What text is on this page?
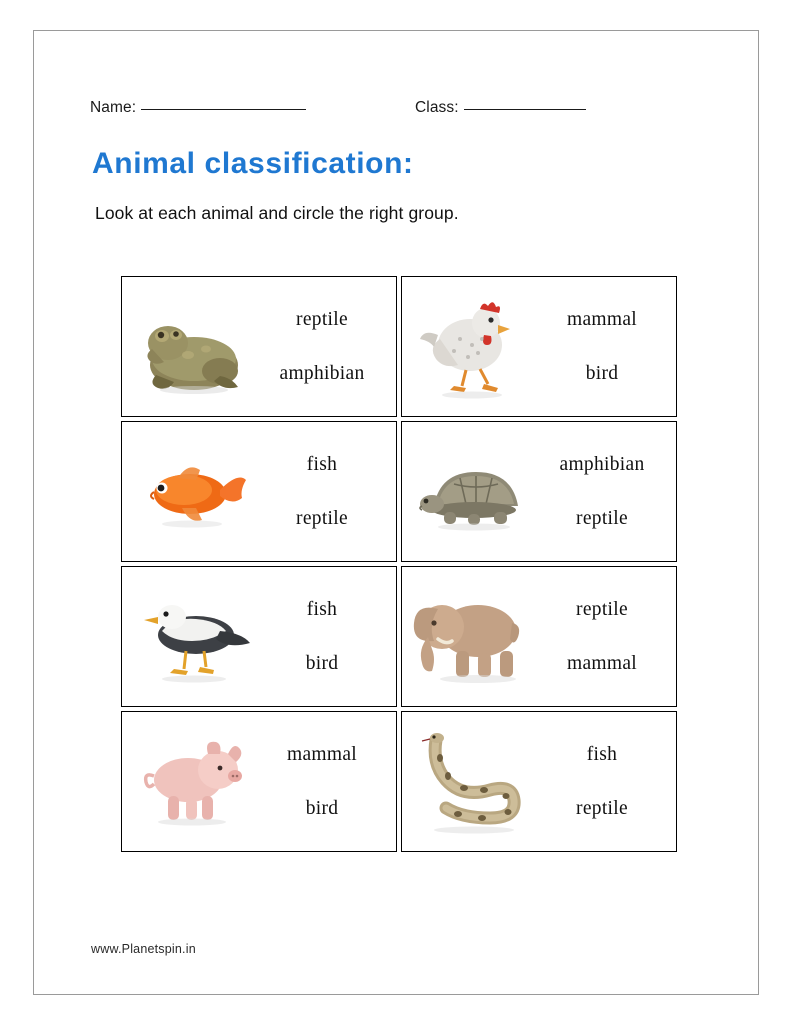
Name:	Class:
Animal classification:
Look at each animal and circle the right group.
reptile
amphibian
mammal
bird
fish
reptile
amphibian
reptile
fish
bird
reptile
mammal
mammal
bird
fish
reptile
www.Planetspin.in
